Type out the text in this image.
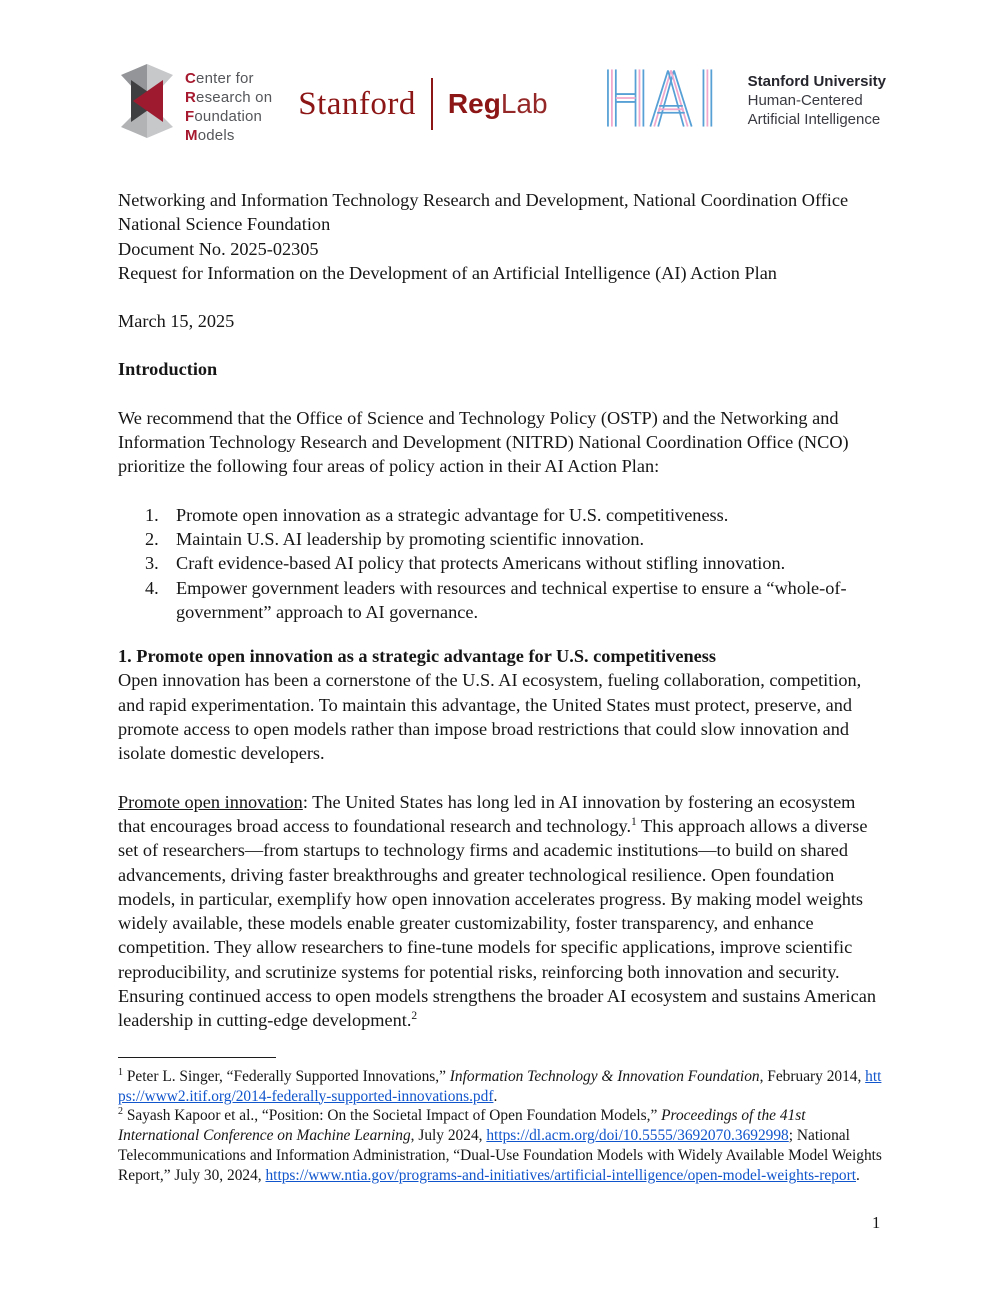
Center for
Research on
Foundation
Models
Stanford RegLab
Stanford University
Human-Centered
Artificial Intelligence
Networking and Information Technology Research and Development, National Coordination Office
National Science Foundation
Document No. 2025-02305
Request for Information on the Development of an Artificial Intelligence (AI) Action Plan

March 15, 2025

Introduction

We recommend that the Office of Science and Technology Policy (OSTP) and the Networking and Information Technology Research and Development (NITRD) National Coordination Office (NCO) prioritize the following four areas of policy action in their AI Action Plan:

1. Promote open innovation as a strategic advantage for U.S. competitiveness.
2. Maintain U.S. AI leadership by promoting scientific innovation.
3. Craft evidence-based AI policy that protects Americans without stifling innovation.
4. Empower government leaders with resources and technical expertise to ensure a “whole-of-government” approach to AI governance.
1. Promote open innovation as a strategic advantage for U.S. competitiveness

Open innovation has been a cornerstone of the U.S. AI ecosystem, fueling collaboration, competition, and rapid experimentation. To maintain this advantage, the United States must protect, preserve, and promote access to open models rather than impose broad restrictions that could slow innovation and isolate domestic developers.

Promote open innovation: The United States has long led in AI innovation by fostering an ecosystem that encourages broad access to foundational research and technology.$^1$ This approach allows a diverse set of researchers—from startups to technology firms and academic institutions—to build on shared advancements, driving faster breakthroughs and greater technological resilience. Open foundation models, in particular, exemplify how open innovation accelerates progress. By making model weights widely available, these models enable greater customizability, foster transparency, and enhance competition. They allow researchers to fine-tune models for specific applications, improve scientific reproducibility, and scrutinize systems for potential risks, reinforcing both innovation and security. Ensuring continued access to open models strengthens the broader AI ecosystem and sustains American leadership in cutting-edge development.$^2$

$^1$ Peter L. Singer, “Federally Supported Innovations,” Information Technology & Innovation Foundation, February 2014, https://www2.itif.org/2014-federally-supported-innovations.pdf.
$^2$ Sayash Kapoor et al., “Position: On the Societal Impact of Open Foundation Models,” Proceedings of the 41st International Conference on Machine Learning, July 2024, https://dl.acm.org/doi/10.5555/3692070.3692998; National Telecommunications and Information Administration, “Dual-Use Foundation Models with Widely Available Model Weights Report,” July 30, 2024, https://www.ntia.gov/programs-and-initiatives/artificial-intelligence/open-model-weights-report.
1
